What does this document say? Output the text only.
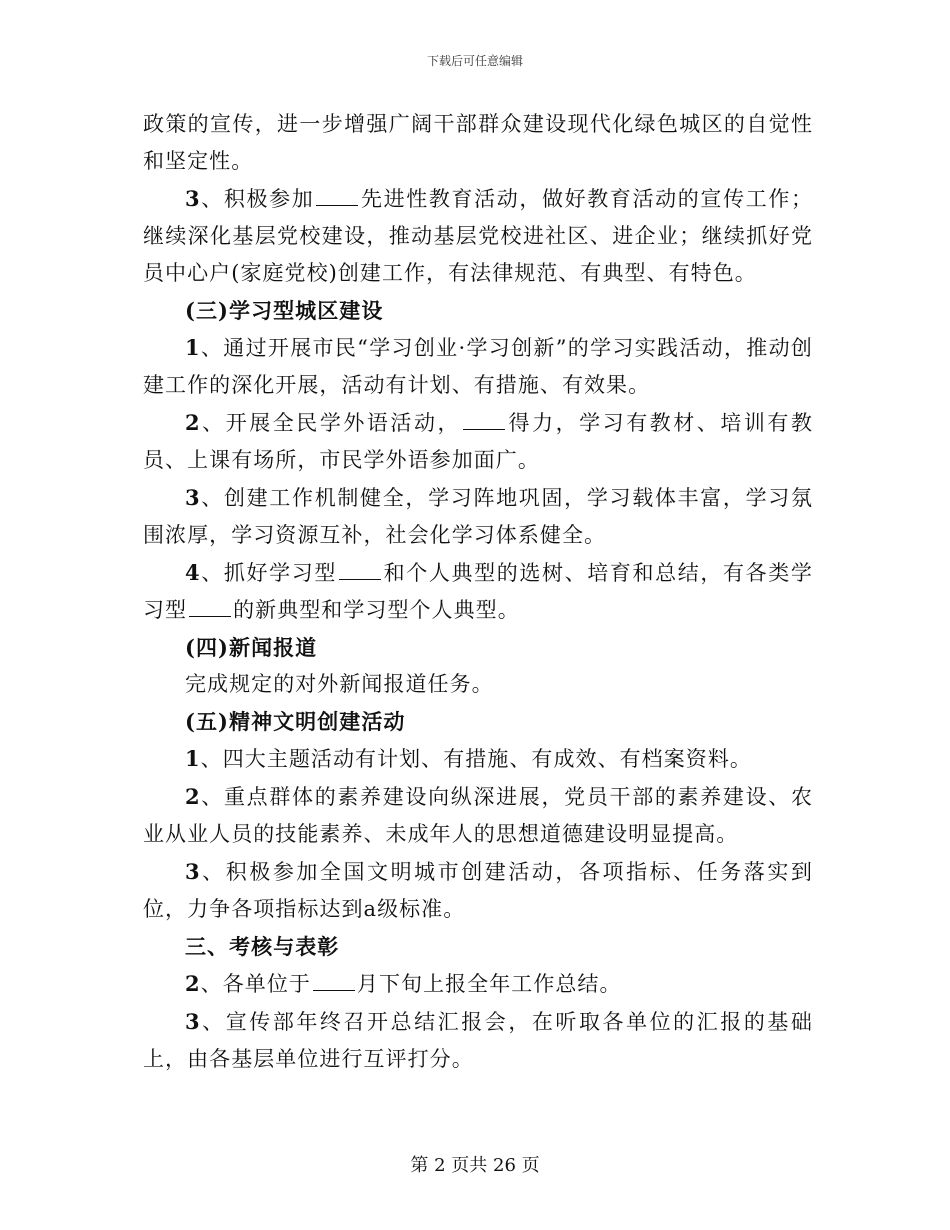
下载后可任意编辑

政策的宣传，进一步增强广阔干部群众建设现代化绿色城区的自觉性和坚定性。

3、积极参加 先进性教育活动，做好教育活动的宣传工作；继续深化基层党校建设，推动基层党校进社区、进企业；继续抓好党员中心户(家庭党校)创建工作，有法律规范、有典型、有特色。

(三)学习型城区建设

1、通过开展市民“学习创业·学习创新”的学习实践活动，推动创建工作的深化开展，活动有计划、有措施、有效果。

2、开展全民学外语活动， 得力，学习有教材、培训有教员、上课有场所，市民学外语参加面广。

3、创建工作机制健全，学习阵地巩固，学习载体丰富，学习氛围浓厚，学习资源互补，社会化学习体系健全。

4、抓好学习型 和个人典型的选树、培育和总结，有各类学习型 的新典型和学习型个人典型。

(四)新闻报道

完成规定的对外新闻报道任务。

(五)精神文明创建活动

1、四大主题活动有计划、有措施、有成效、有档案资料。

2、重点群体的素养建设向纵深进展，党员干部的素养建设、农业从业人员的技能素养、未成年人的思想道德建设明显提高。

3、积极参加全国文明城市创建活动，各项指标、任务落实到位，力争各项指标达到a级标准。

三、考核与表彰

2、各单位于 月下旬上报全年工作总结。

3、宣传部年终召开总结汇报会，在听取各单位的汇报的基础上，由各基层单位进行互评打分。

第 2 页共 26 页
